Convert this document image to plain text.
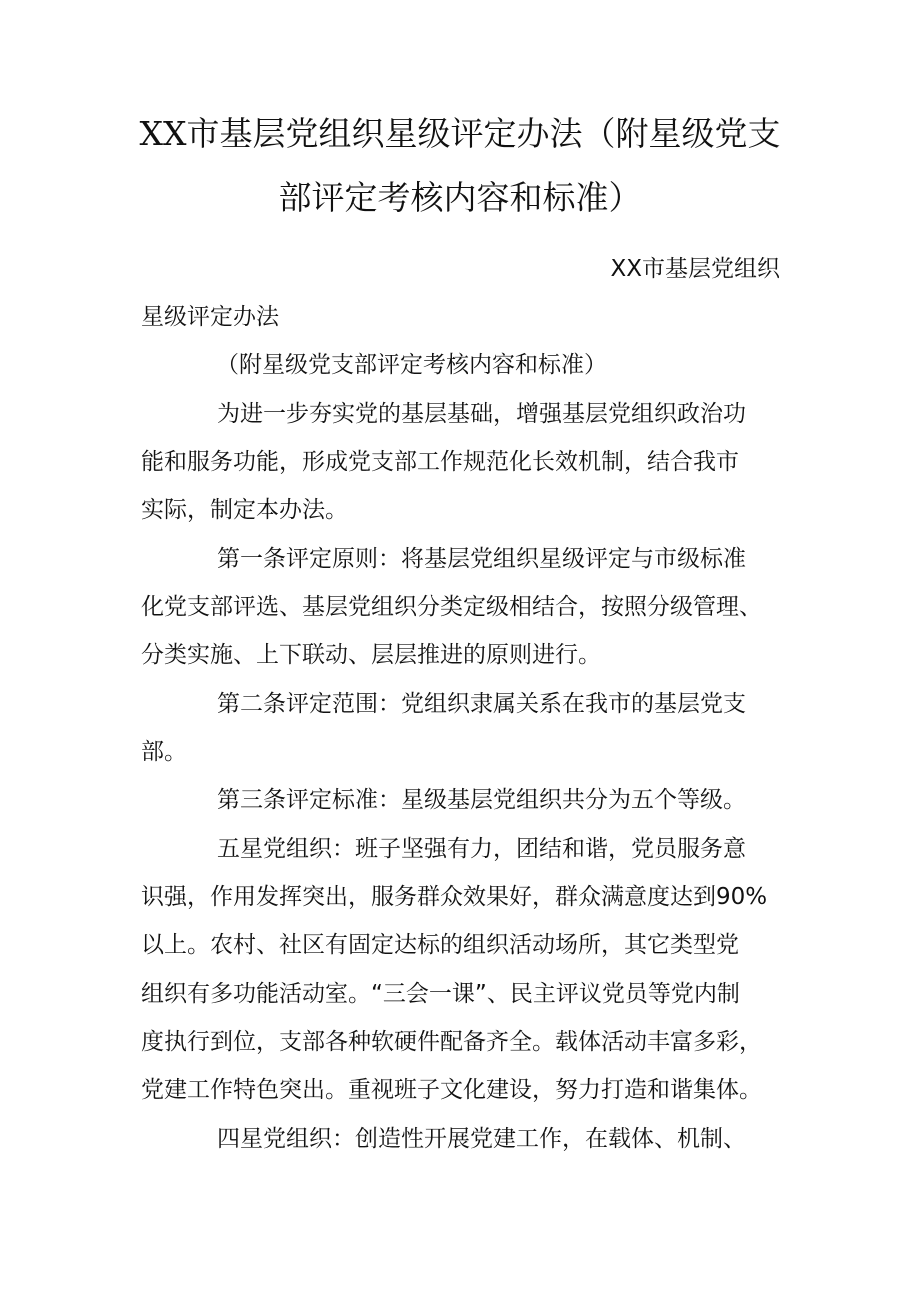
XX市基层党组织星级评定办法（附星级党支
部评定考核内容和标准）
XX市基层党组织
星级评定办法
（附星级党支部评定考核内容和标准）
为进一步夯实党的基层基础，增强基层党组织政治功
能和服务功能，形成党支部工作规范化长效机制，结合我市
实际，制定本办法。
第一条评定原则：将基层党组织星级评定与市级标准
化党支部评选、基层党组织分类定级相结合，按照分级管理、
分类实施、上下联动、层层推进的原则进行。
第二条评定范围：党组织隶属关系在我市的基层党支
部。
第三条评定标准：星级基层党组织共分为五个等级。
五星党组织：班子坚强有力，团结和谐，党员服务意
识强，作用发挥突出，服务群众效果好，群众满意度达到90%
以上。农村、社区有固定达标的组织活动场所，其它类型党
组织有多功能活动室。“三会一课”、民主评议党员等党内制
度执行到位，支部各种软硬件配备齐全。载体活动丰富多彩，
党建工作特色突出。重视班子文化建设，努力打造和谐集体。
四星党组织：创造性开展党建工作，在载体、机制、
